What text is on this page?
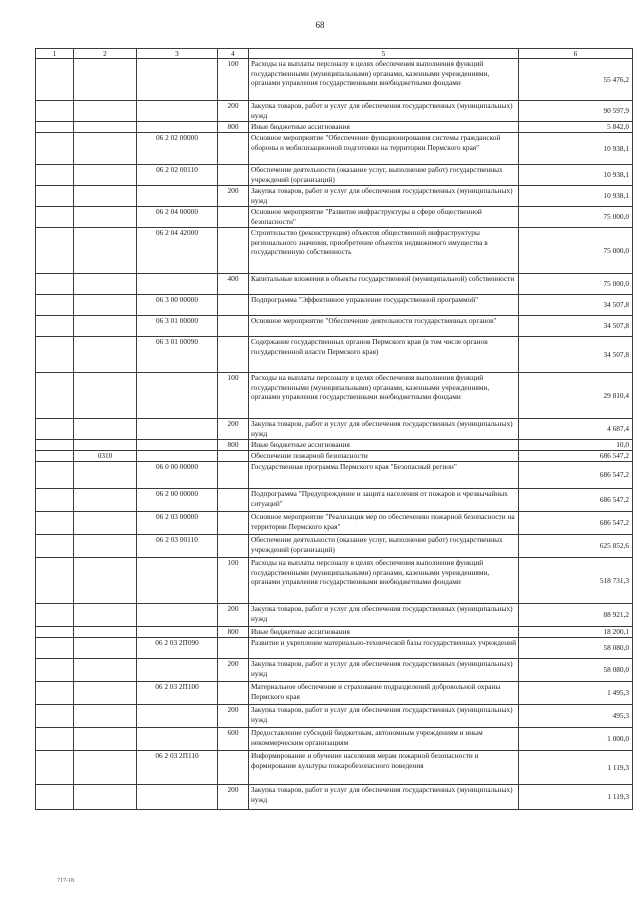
68
1	2	3	4	5	6
			100	Расходы на выплаты персоналу в целях обеспечения выполнения функций государственными (муниципальными) органами, казенными учреждениями, органами управления государственными внебюджетными фондами	55 476,2
			200	Закупка товаров, работ и услуг для обеспечения государственных (муниципальных) нужд	90 597,9
			800	Иные бюджетные ассигнования	5 842,0
		06 2 02 00000		Основное мероприятие "Обеспечение функционирования системы гражданской обороны и мобилизационной подготовки на территории Пермского края"	10 938,1
		06 2 02 00110		Обеспечение деятельности (оказание услуг, выполнение работ) государственных учреждений (организаций)	10 938,1
			200	Закупка товаров, работ и услуг для обеспечения государственных (муниципальных) нужд	10 938,1
		06 2 04 00000		Основное мероприятие "Развитие инфраструктуры в сфере общественной безопасности"	75 000,0
		06 2 04 42000		Строительство (реконструкция) объектов общественной инфраструктуры регионального значения, приобретение объектов недвижимого имущества в государственную собственность	75 000,0
			400	Капитальные вложения в объекты государственной (муниципальной) собственности	75 000,0
		06 3 00 00000		Подпрограмма "Эффективное управление государственной программой"	34 507,8
		06 3 01 00000		Основное мероприятие "Обеспечение деятельности государственных органов"	34 507,8
		06 3 01 00090		Содержание государственных органов Пермского края (в том числе органов государственной власти Пермского края)	34 507,8
			100	Расходы на выплаты персоналу в целях обеспечения выполнения функций государственными (муниципальными) органами, казенными учреждениями, органами управления государственными внебюджетными фондами	29 810,4
			200	Закупка товаров, работ и услуг для обеспечения государственных (муниципальных) нужд	4 687,4
			800	Иные бюджетные ассигнования	10,0
	0310			Обеспечение пожарной безопасности	686 547,2
		06 0 00 00000		Государственная программа Пермского края "Безопасный регион"	686 547,2
		06 2 00 00000		Подпрограмма "Предупреждение и защита населения от пожаров и чрезвычайных ситуаций"	686 547,2
		06 2 03 00000		Основное мероприятие "Реализация мер по обеспечению пожарной безопасности на территории Пермского края"	686 547,2
		06 2 03 00110		Обеспечение деятельности (оказание услуг, выполнение работ) государственных учреждений (организаций)	625 852,6
			100	Расходы на выплаты персоналу в целях обеспечения выполнения функций государственными (муниципальными) органами, казенными учреждениями, органами управления государственными внебюджетными фондами	518 731,3
			200	Закупка товаров, работ и услуг для обеспечения государственных (муниципальных) нужд	88 921,2
			800	Иные бюджетные ассигнования	18 200,1
		06 2 03 2П090		Развитие и укрепление материально-технической базы государственных учреждений	58 080,0
			200	Закупка товаров, работ и услуг для обеспечения государственных (муниципальных) нужд	58 080,0
		06 2 03 2П100		Материальное обеспечение и страхование подразделений добровольной охраны Пермского края	1 495,3
			200	Закупка товаров, работ и услуг для обеспечения государственных (муниципальных) нужд	495,3
			600	Предоставление субсидий бюджетным, автономным учреждениям и иным некоммерческим организациям	1 000,0
		06 2 03 2П110		Информирование и обучение населения мерам пожарной безопасности и формирование культуры пожаробезопасного поведения	1 119,3
			200	Закупка товаров, работ и услуг для обеспечения государственных (муниципальных) нужд	1 119,3
717-18
